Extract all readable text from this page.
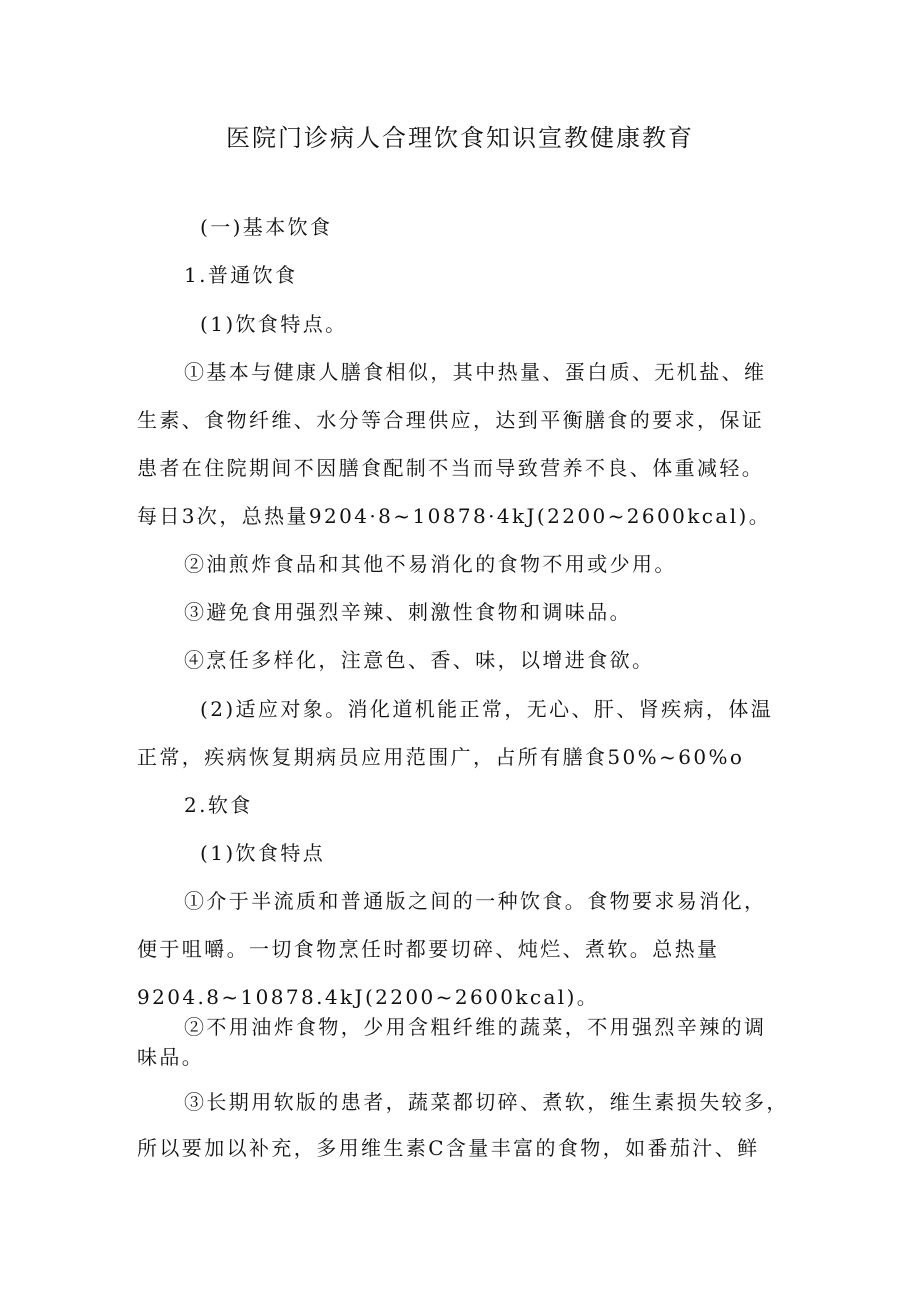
医院门诊病人合理饮食知识宣教健康教育
(一)基本饮食
1.普通饮食
(1)饮食特点。
①基本与健康人膳食相似，其中热量、蛋白质、无机盐、维
生素、食物纤维、水分等合理供应，达到平衡膳食的要求，保证
患者在住院期间不因膳食配制不当而导致营养不良、体重减轻。
每日3次，总热量9204·8~10878·4kJ(2200~2600kcal)。
②油煎炸食品和其他不易消化的食物不用或少用。
③避免食用强烈辛辣、刺激性食物和调味品。
④烹任多样化，注意色、香、味，以增进食欲。
(2)适应对象。消化道机能正常，无心、肝、肾疾病，体温
正常，疾病恢复期病员应用范围广，占所有膳食50%~60%o
2.软食
(1)饮食特点
①介于半流质和普通版之间的一种饮食。食物要求易消化，
便于咀嚼。一切食物烹任时都要切碎、炖烂、煮软。总热量
9204.8~10878.4kJ(2200~2600kcal)。
②不用油炸食物，少用含粗纤维的蔬菜，不用强烈辛辣的调
味品。
③长期用软版的患者，蔬菜都切碎、煮软，维生素损失较多，
所以要加以补充，多用维生素C含量丰富的食物，如番茄汁、鲜
